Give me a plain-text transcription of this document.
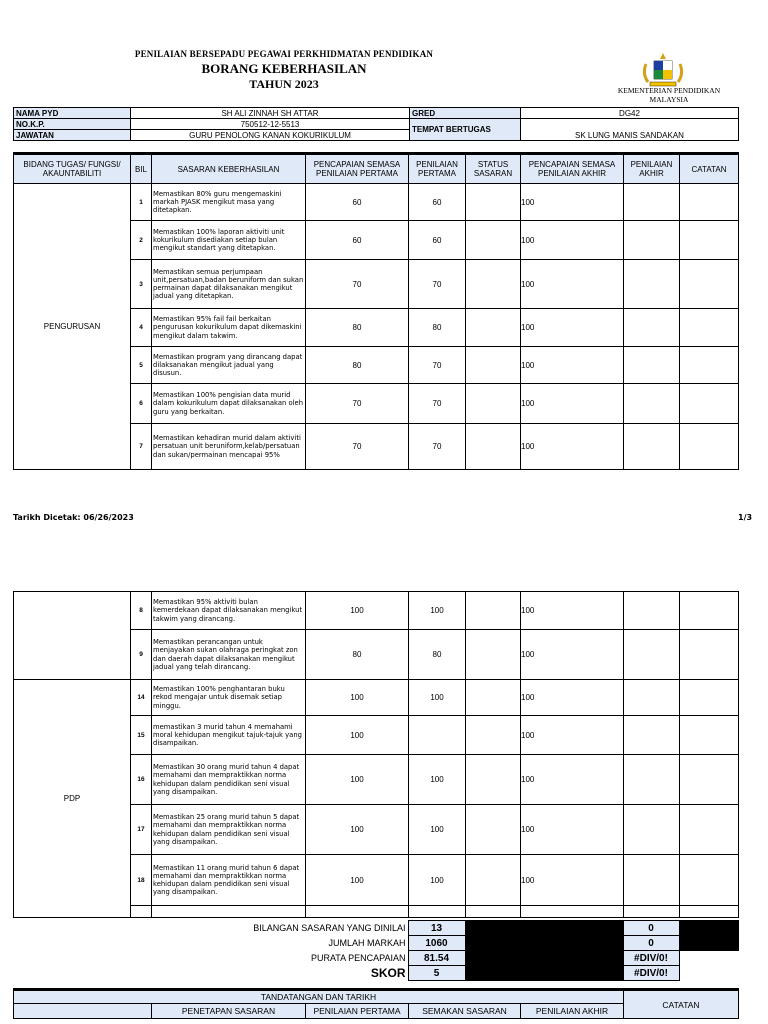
PENILAIAN BERSEPADU PEGAWAI PERKHIDMATAN PENDIDIKAN
BORANG KEBERHASILAN
TAHUN 2023	KEMENTERIAN PENDIDIKAN
MALAYSIA
NAMA PYD	SH ALI ZINNAH SH ATTAR	GRED	DG42
NO.K.P.	750512-12-5513	TEMPAT BERTUGAS	SK LUNG MANIS SANDAKAN
JAWATAN	GURU PENOLONG KANAN KOKURIKULUM		
BIDANG TUGAS/ FUNGSI/ AKAUNTABILITI	BIL	SASARAN KEBERHASILAN	PENCAPAIAN SEMASA PENILAIAN PERTAMA	PENILAIAN PERTAMA	STATUS SASARAN	PENCAPAIAN SEMASA PENILAIAN AKHIR	PENILAIAN AKHIR	CATATAN
PENGURUSAN	1	Memastikan 80% guru mengemaskini markah PJASK mengikut masa yang ditetapkan.	60	60		100		
	2	Memastikan 100% laporan aktiviti unit kokurikulum disediakan setiap bulan mengikut standart yang ditetapkan.	60	60		100		
	3	Memastikan semua perjumpaan unit,persatuan,badan beruniform dan sukan permainan dapat dilaksanakan mengikut jadual yang ditetapkan.	70	70		100		
	4	Memastikan 95% fail fail berkaitan pengurusan kokurikulum dapat dikemaskini mengikut dalam takwim.	80	80		100		
	5	Memastikan program yang dirancang dapat dilaksanakan mengikut jadual yang disusun.	80	70		100		
	6	Memastikan 100% pengisian data murid dalam kokurikulum dapat dilaksanakan oleh guru yang berkaitan.	70	70		100		
	7	Memastikan kehadiran murid dalam aktiviti persatuan unit beruniform,kelab/persatuan dan sukan/permainan mencapai 95%	70	70		100		
Tarikh Dicetak: 06/26/2023	1/3
	8	Memastikan 95% aktiviti bulan kemerdekaan dapat dilaksanakan mengikut takwim yang dirancang.	100	100		100		
	9	Memastikan perancangan untuk menjayakan sukan olahraga peringkat zon dan daerah dapat dilaksanakan mengikut jadual yang telah dirancang.	80	80		100		
PDP	14	Memastikan 100% penghantaran buku rekod mengajar untuk disemak setiap minggu.	100	100		100		
	15	memastikan 3 murid tahun 4 memahami moral kehidupan mengikut tajuk-tajuk yang disampaikan.	100			100		
	16	Memastikan 30 orang murid tahun 4 dapat memahami dan mempraktikkan norma kehidupan dalam pendidikan seni visual yang disampaikan.	100	100		100		
	17	Memastikan 25 orang murid tahun 5 dapat memahami dan mempraktikkan norma kehidupan dalam pendidikan seni visual yang disampaikan.	100	100		100		
	18	Memastikan 11 orang murid tahun 6 dapat memahami dan mempraktikkan norma kehidupan dalam pendidikan seni visual yang disampaikan.	100	100		100		

BILANGAN SASARAN YANG DINILAI	13		0	
JUMLAH MARKAH	1060		0	
PURATA PENCAPAIAN	81.54		#DIV/0!	
SKOR	5		#DIV/0!	
TANDATANGAN DAN TARIKH					CATATAN
	PENETAPAN SASARAN	PENILAIAN PERTAMA	SEMAKAN SASARAN	PENILAIAN AKHIR	
